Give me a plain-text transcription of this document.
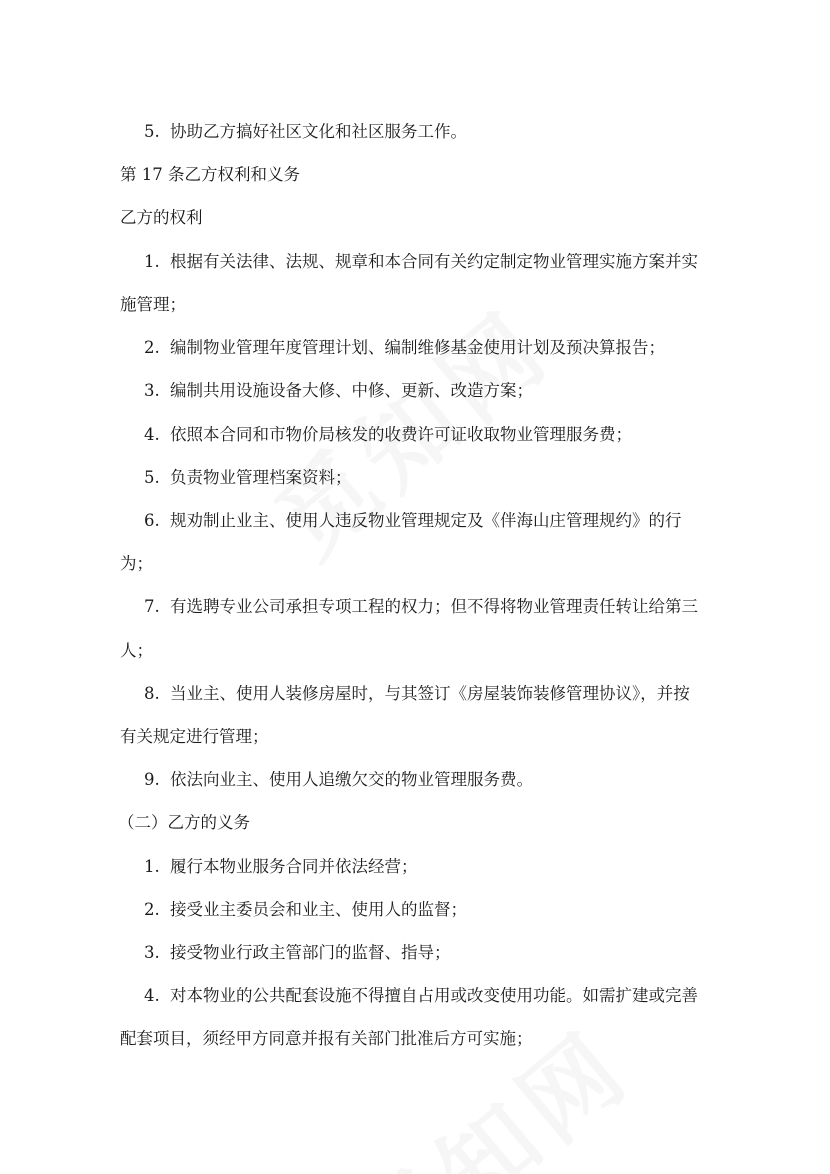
5. 协助乙方搞好社区文化和社区服务工作。
第 17 条乙方权利和义务
乙方的权利
1. 根据有关法律、法规、规章和本合同有关约定制定物业管理实施方案并实
施管理；
2. 编制物业管理年度管理计划、编制维修基金使用计划及预决算报告；
3. 编制共用设施设备大修、中修、更新、改造方案；
4. 依照本合同和市物价局核发的收费许可证收取物业管理服务费；
5. 负责物业管理档案资料；
6. 规劝制止业主、使用人违反物业管理规定及《伴海山庄管理规约》的行
为；
7. 有选聘专业公司承担专项工程的权力；但不得将物业管理责任转让给第三
人；
8. 当业主、使用人装修房屋时，与其签订《房屋装饰装修管理协议》，并按
有关规定进行管理；
9. 依法向业主、使用人追缴欠交的物业管理服务费。
（二）乙方的义务
1. 履行本物业服务合同并依法经营；
2. 接受业主委员会和业主、使用人的监督；
3. 接受物业行政主管部门的监督、指导；
4. 对本物业的公共配套设施不得擅自占用或改变使用功能。如需扩建或完善
配套项目，须经甲方同意并报有关部门批准后方可实施；
